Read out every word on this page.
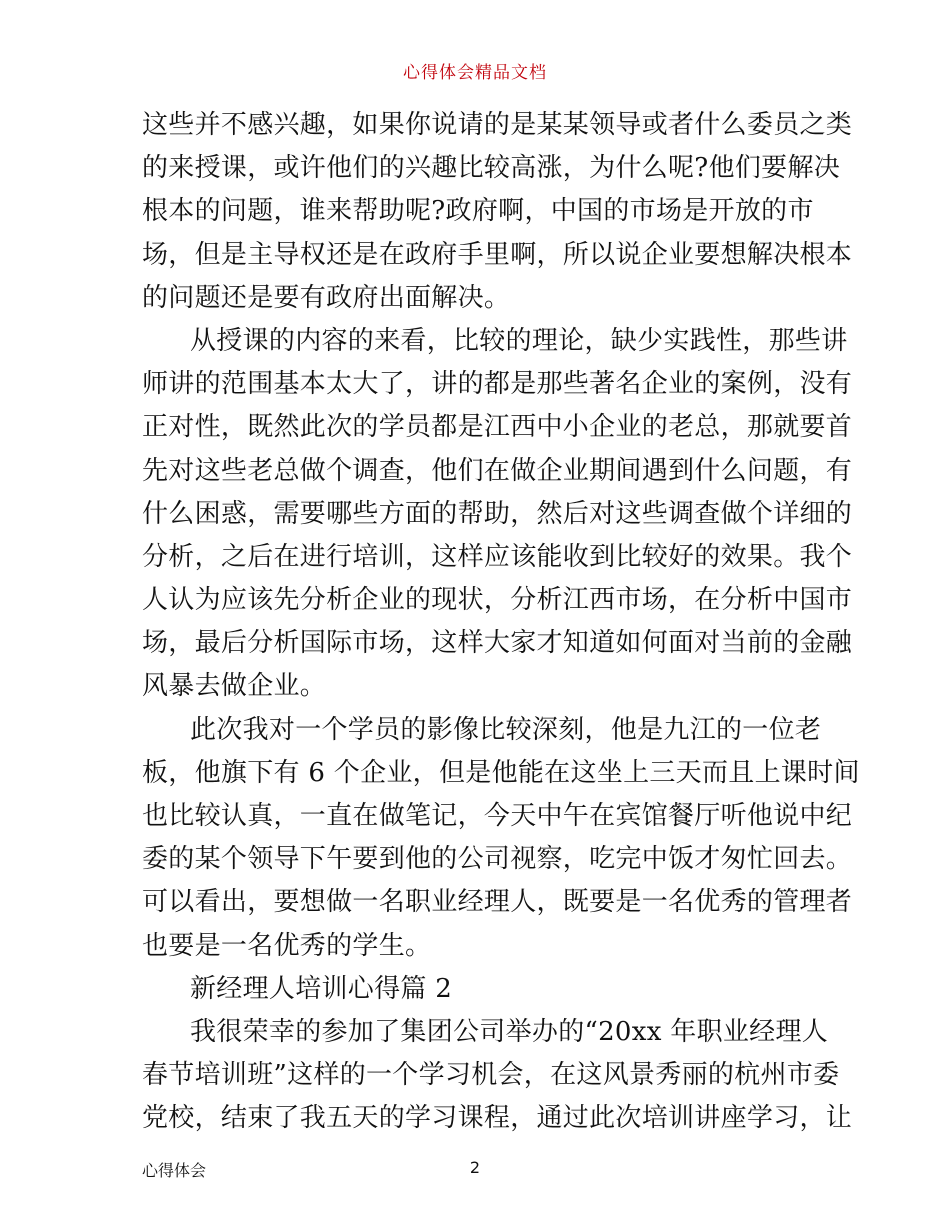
心得体会精品文档
这些并不感兴趣，如果你说请的是某某领导或者什么委员之类
的来授课，或许他们的兴趣比较高涨，为什么呢?他们要解决
根本的问题，谁来帮助呢?政府啊，中国的市场是开放的市
场，但是主导权还是在政府手里啊，所以说企业要想解决根本
的问题还是要有政府出面解决。
从授课的内容的来看，比较的理论，缺少实践性，那些讲
师讲的范围基本太大了，讲的都是那些著名企业的案例，没有
正对性，既然此次的学员都是江西中小企业的老总，那就要首
先对这些老总做个调查，他们在做企业期间遇到什么问题，有
什么困惑，需要哪些方面的帮助，然后对这些调查做个详细的
分析，之后在进行培训，这样应该能收到比较好的效果。我个
人认为应该先分析企业的现状，分析江西市场，在分析中国市
场，最后分析国际市场，这样大家才知道如何面对当前的金融
风暴去做企业。
此次我对一个学员的影像比较深刻，他是九江的一位老
板，他旗下有 6 个企业，但是他能在这坐上三天而且上课时间
也比较认真，一直在做笔记，今天中午在宾馆餐厅听他说中纪
委的某个领导下午要到他的公司视察，吃完中饭才匆忙回去。
可以看出，要想做一名职业经理人，既要是一名优秀的管理者
也要是一名优秀的学生。
新经理人培训心得篇 2
我很荣幸的参加了集团公司举办的“20xx 年职业经理人
春节培训班”这样的一个学习机会，在这风景秀丽的杭州市委
党校，结束了我五天的学习课程，通过此次培训讲座学习，让
心得体会	2
